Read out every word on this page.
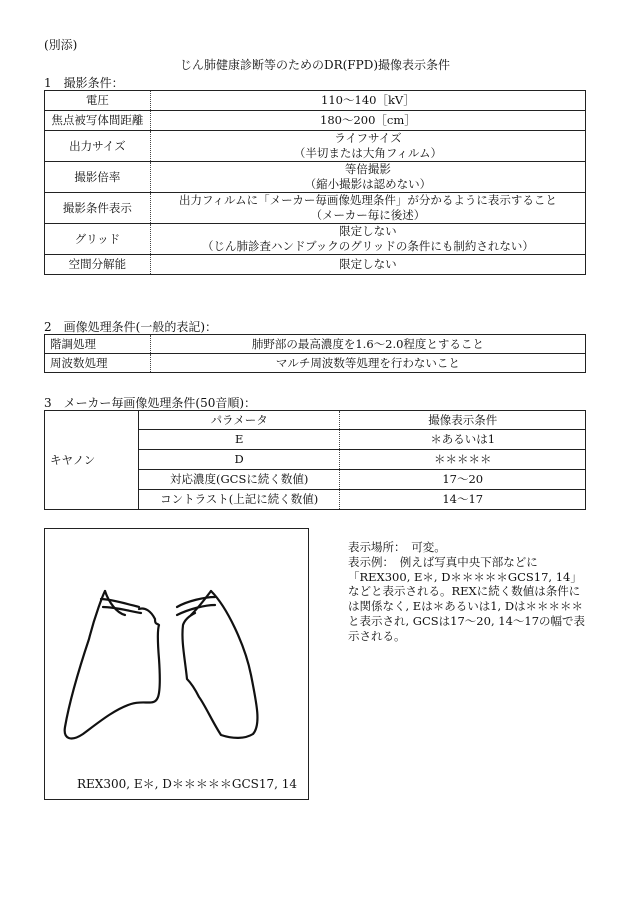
(別添)
じん肺健康診断等のためのDR(FPD)撮像表示条件
1　撮影条件：
電圧	110～140［kV］

焦点被写体間距離	180～200［cm］

出力サイズ	ライフサイズ
（半切または大角フィルム）

撮影倍率	等倍撮影
（縮小撮影は認めない）

撮影条件表示	出力フィルムに「メーカー毎画像処理条件」が分かるように表示すること
（メーカー毎に後述）

グリッド	限定しない
（じん肺診査ハンドブックのグリッドの条件にも制約されない）

空間分解能	限定しない
2　画像処理条件(一般的表記)：
階調処理	肺野部の最高濃度を1.6～2.0程度とすること
周波数処理	マルチ周波数等処理を行わないこと
3　メーカー毎画像処理条件(50音順)：
キヤノン	パラメータ	撮像表示条件
	E	＊あるいは1
	D	＊＊＊＊＊
	対応濃度(GCSに続く数値)	17～20
	コントラスト(上記に続く数値)	14～17
REX300, E＊, D＊＊＊＊＊GCS17, 14
表示場所：　可変。
表示例：　例えば写真中央下部などに「REX300, E＊, D＊＊＊＊＊GCS17, 14」などと表示される。REXに続く数値は条件には関係なく, Eは＊あるいは1, Dは＊＊＊＊＊と表示され, GCSは17～20, 14～17の幅で表示される。
